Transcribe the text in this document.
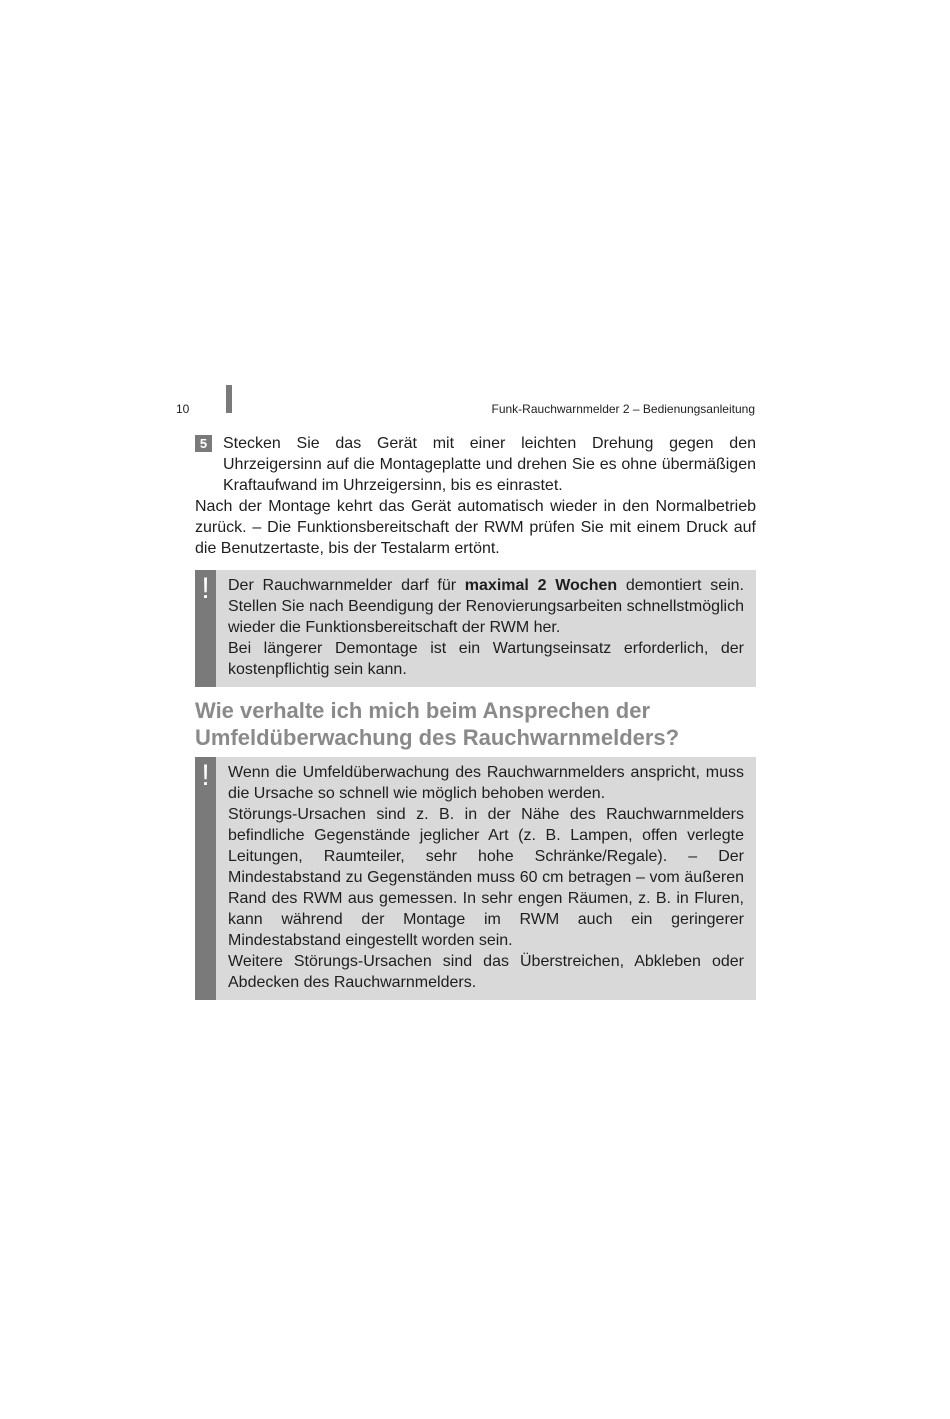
10	Funk-Rauchwarnmelder 2 – Bedienungsanleitung
5 Stecken Sie das Gerät mit einer leichten Drehung gegen den Uhrzeigersinn auf die Montageplatte und drehen Sie es ohne übermäßigen Kraftaufwand im Uhrzeigersinn, bis es einrastet.

Nach der Montage kehrt das Gerät automatisch wieder in den Normalbetrieb zurück. – Die Funktionsbereitschaft der RWM prüfen Sie mit einem Druck auf die Benutzertaste, bis der Testalarm ertönt.

!	Der Rauchwarnmelder darf für maximal 2 Wochen demontiert sein. Stellen Sie nach Beendigung der Renovierungsarbeiten schnellstmöglich wieder die Funktionsbereitschaft der RWM her.

Bei längerer Demontage ist ein Wartungseinsatz erforderlich, der kostenpflichtig sein kann.

Wie verhalte ich mich beim Ansprechen der Umfeldüberwachung des Rauchwarnmelders?
!	Wenn die Umfeldüberwachung des Rauchwarnmelders anspricht, muss die Ursache so schnell wie möglich behoben werden.

Störungs-Ursachen sind z. B. in der Nähe des Rauchwarnmelders befindliche Gegenstände jeglicher Art (z. B. Lampen, offen verlegte Leitungen, Raumteiler, sehr hohe Schränke/Regale). – Der Mindestabstand zu Gegenständen muss 60 cm betragen – vom äußeren Rand des RWM aus gemessen. In sehr engen Räumen, z. B. in Fluren, kann während der Montage im RWM auch ein geringerer Mindestabstand eingestellt worden sein.

Weitere Störungs-Ursachen sind das Überstreichen, Abkleben oder Abdecken des Rauchwarnmelders.
